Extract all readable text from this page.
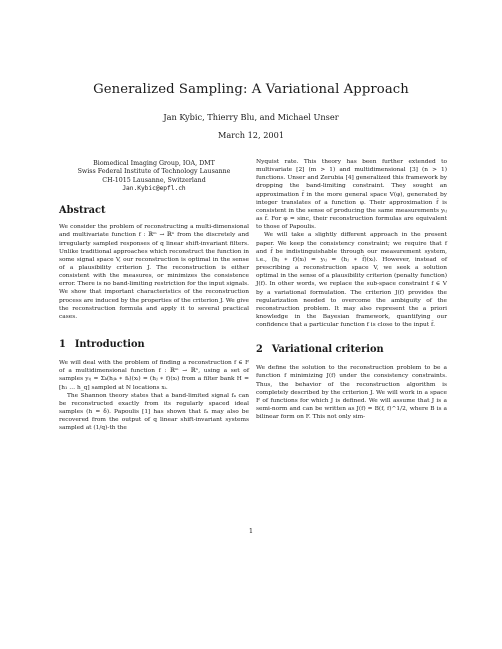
Generalized Sampling: A Variational Approach
Jan Kybic, Thierry Blu, and Michael Unser
March 12, 2001
Biomedical Imaging Group, IOA, DMT
Swiss Federal Institute of Technology Lausanne
CH-1015 Lausanne, Switzerland
Jan.Kybic@epfl.ch
Abstract

We consider the problem of reconstructing a multi-dimensional and multivariate function f : ℝᵐ → ℝⁿ from the discretely and irregularly sampled responses of q linear shift-invariant filters. Unlike traditional approaches which reconstruct the function in some signal space V, our reconstruction is optimal in the sense of a plausibility criterion J. The reconstruction is either consistent with the measures, or minimizes the consistence error. There is no band-limiting restriction for the input signals. We show that important characteristics of the reconstruction process are induced by the properties of the criterion J. We give the reconstruction formula and apply it to several practical cases.

1 Introduction

We will deal with the problem of finding a reconstruction f ∈ F of a multidimensional function f : ℝᵐ → ℝⁿ, using a set of samples yᵢⱼ = Σₖ(hⱼₖ ∗ fₖ)(xᵢ) = (hⱼ ∗ f)(xᵢ) from a filter bank H = [h₁ … h_q] sampled at N locations xᵢ.

The Shannon theory states that a band-limited signal fₐ can be reconstructed exactly from its regularly spaced ideal samples (h = δ). Papoulis [1] has shown that fₐ may also be recovered from the output of q linear shift-invariant systems sampled at (1/q)-th the

Nyquist rate. This theory has been further extended to multivariate [2] (m > 1) and multidimensional [3] (n > 1) functions. Unser and Zerubia [4] generalized this framework by dropping the band-limiting constraint. They sought an approximation f̃ in the more general space V(φ), generated by integer translates of a function φ. Their approximation f̃ is consistent in the sense of producing the same measurements yᵢⱼ as f̃. For φ = sinc, their reconstruction formulas are equivalent to those of Papoulis.

We will take a slightly different approach in the present paper. We keep the consistency constraint; we require that f and f̃ be indistinguishable through our measurement system, i.e., (hⱼ ∗ f)(xᵢ) = yᵢⱼ = (hⱼ ∗ f̃)(xᵢ). However, instead of prescribing a reconstruction space V, we seek a solution optimal in the sense of a plausibility criterion (penalty function) J(f). In other words, we replace the sub-space constraint f ∈ V by a variational formulation. The criterion J(f) provides the regularization needed to overcome the ambiguity of the reconstruction problem. It may also represent the a priori knowledge in the Bayesian framework, quantifying our confidence that a particular function f is close to the input f̃.

2 Variational criterion

We define the solution to the reconstruction problem to be a function f minimizing J(f) under the consistency constraints. Thus, the behavior of the reconstruction algorithm is completely described by the criterion J. We will work in a space F of functions for which J is defined. We will assume that J is a semi-norm and can be written as J(f) = B(f, f)^1/2, where B is a bilinear form on F. This not only sim-

1
